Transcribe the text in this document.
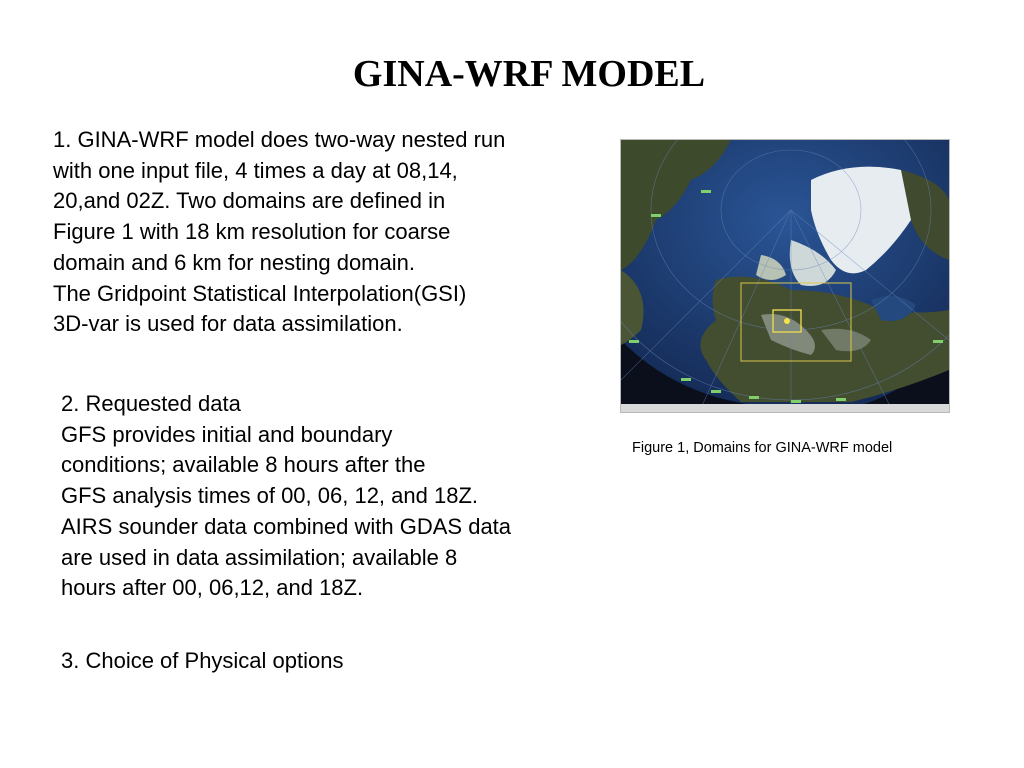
GINA-WRF MODEL
1. GINA-WRF model does two-way nested run
with one input file, 4 times a day at 08,14,
20,and 02Z. Two domains are defined in
Figure 1 with 18 km resolution for coarse
domain and 6 km for nesting domain.
The Gridpoint Statistical Interpolation(GSI)
3D-var is used for data assimilation.
2. Requested data
GFS provides initial and boundary
conditions; available 8 hours after the
GFS analysis times of 00, 06, 12, and 18Z.
AIRS sounder data combined with GDAS data
are used in data assimilation; available 8
hours after 00, 06,12, and 18Z.
3. Choice of Physical options

Figure 1, Domains for GINA-WRF model
